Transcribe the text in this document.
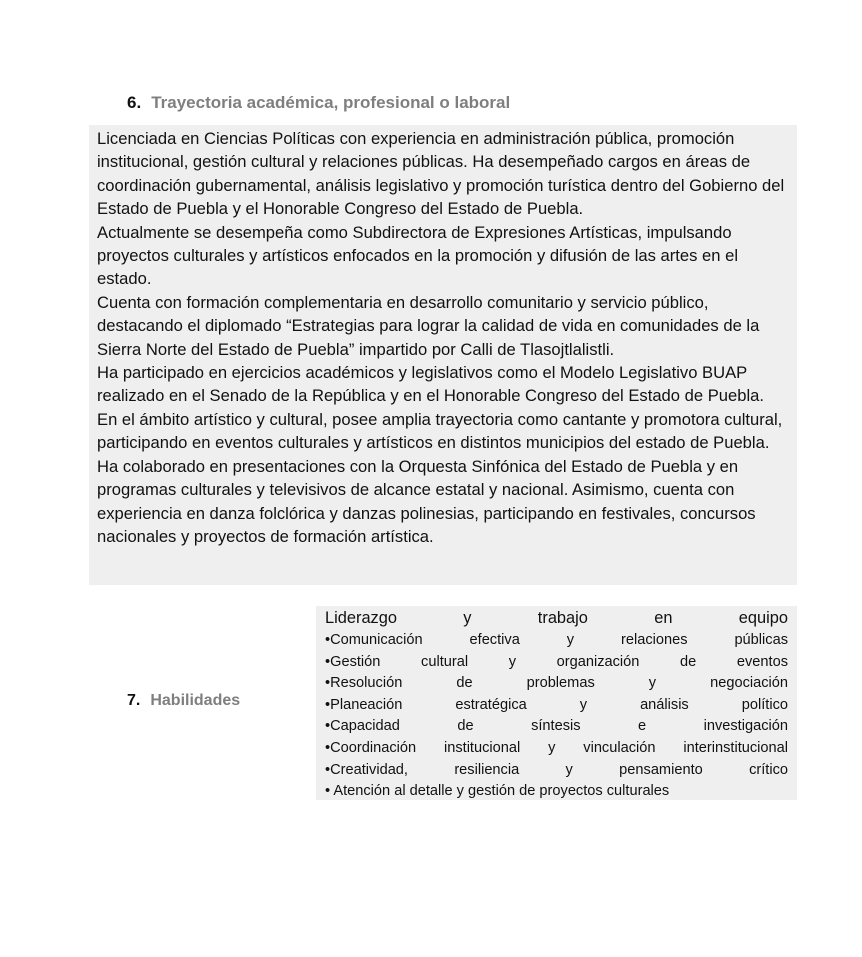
6. Trayectoria académica, profesional o laboral

Licenciada en Ciencias Políticas con experiencia en administración pública, promoción institucional, gestión cultural y relaciones públicas. Ha desempeñado cargos en áreas de coordinación gubernamental, análisis legislativo y promoción turística dentro del Gobierno del Estado de Puebla y el Honorable Congreso del Estado de Puebla.

Actualmente se desempeña como Subdirectora de Expresiones Artísticas, impulsando proyectos culturales y artísticos enfocados en la promoción y difusión de las artes en el estado.

Cuenta con formación complementaria en desarrollo comunitario y servicio público, destacando el diplomado “Estrategias para lograr la calidad de vida en comunidades de la Sierra Norte del Estado de Puebla” impartido por Calli de Tlasojtlalistli.

Ha participado en ejercicios académicos y legislativos como el Modelo Legislativo BUAP realizado en el Senado de la República y en el Honorable Congreso del Estado de Puebla.

En el ámbito artístico y cultural, posee amplia trayectoria como cantante y promotora cultural, participando en eventos culturales y artísticos en distintos municipios del estado de Puebla. Ha colaborado en presentaciones con la Orquesta Sinfónica del Estado de Puebla y en programas culturales y televisivos de alcance estatal y nacional. Asimismo, cuenta con experiencia en danza folclórica y danzas polinesias, participando en festivales, concursos nacionales y proyectos de formación artística.

7. Habilidades
Liderazgo y trabajo en equipo
•Comunicación efectiva y relaciones públicas
•Gestión cultural y organización de eventos
•Resolución de problemas y negociación
•Planeación estratégica y análisis político
•Capacidad de síntesis e investigación
•Coordinación institucional y vinculación interinstitucional
•Creatividad, resiliencia y pensamiento crítico
• Atención al detalle y gestión de proyectos culturales
